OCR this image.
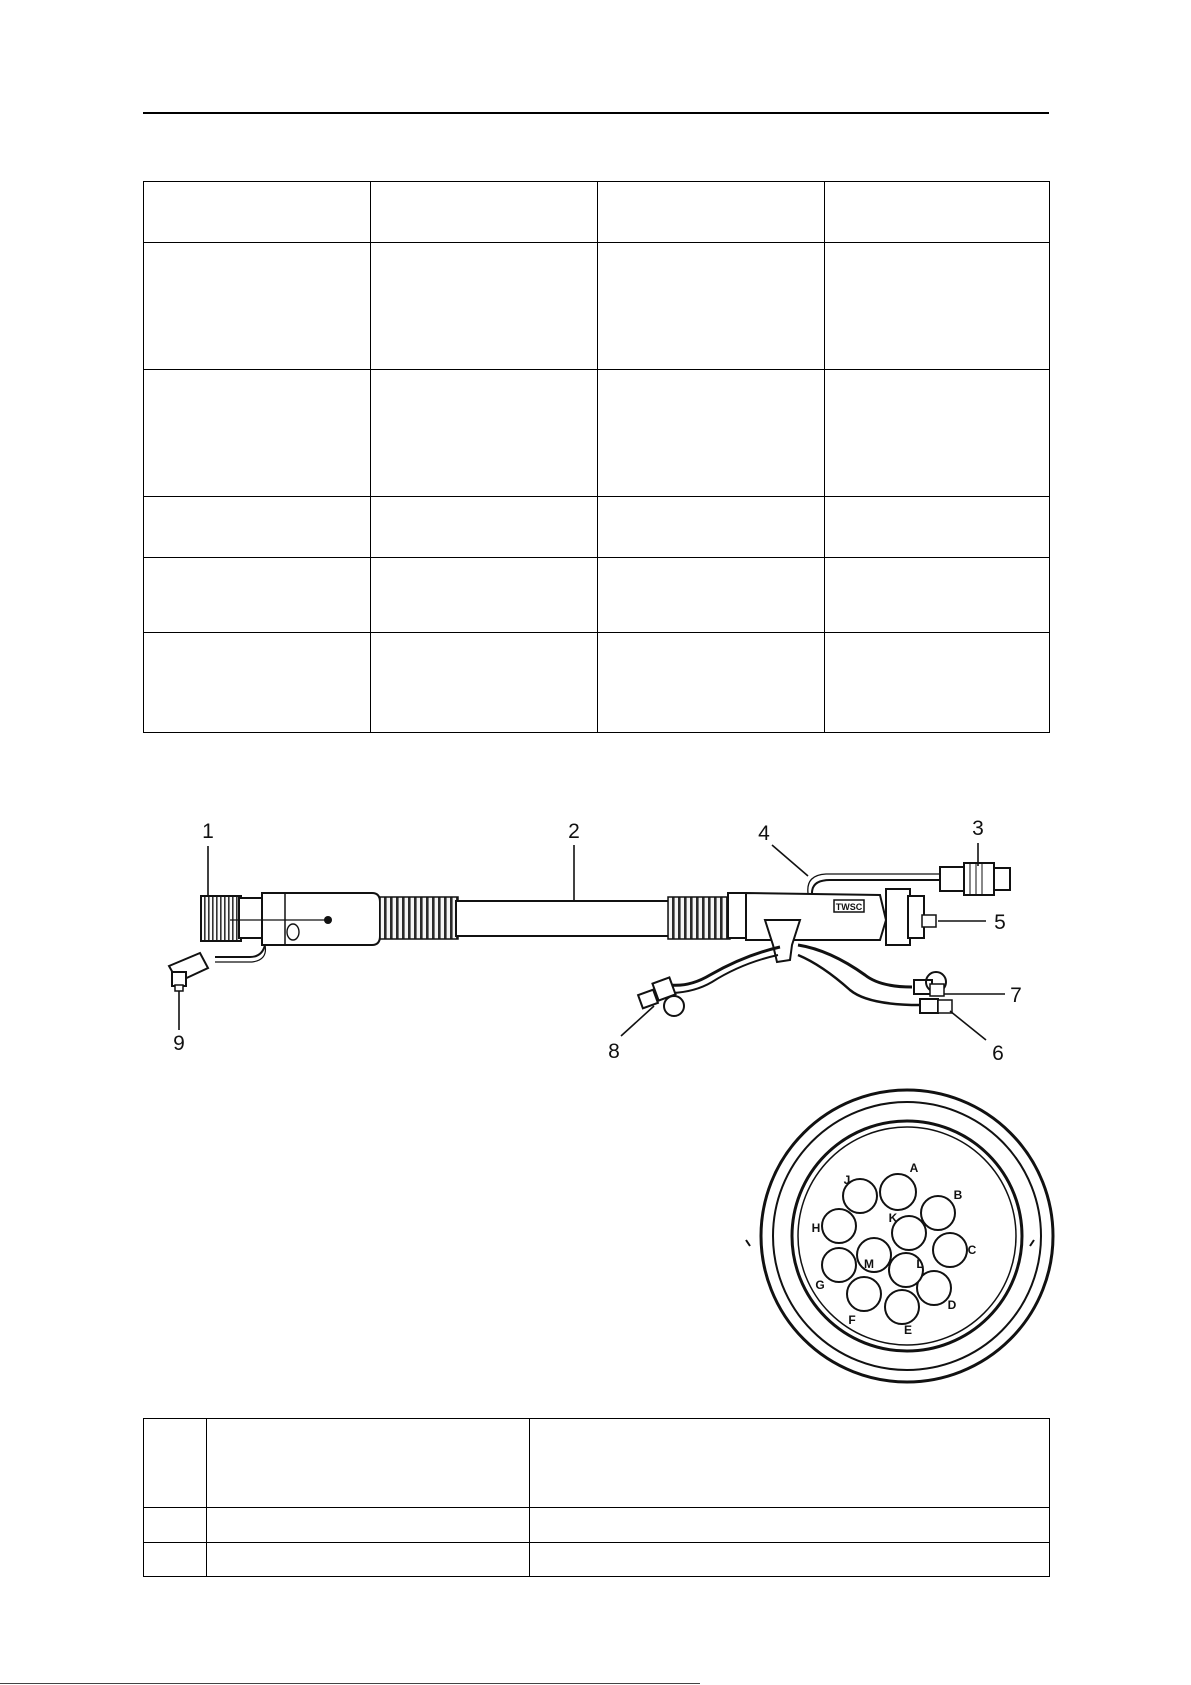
TWSC
1	2	3
4
5
6
7
8
9
A
B
C
D
E
F
G
H
J
K
L
M
